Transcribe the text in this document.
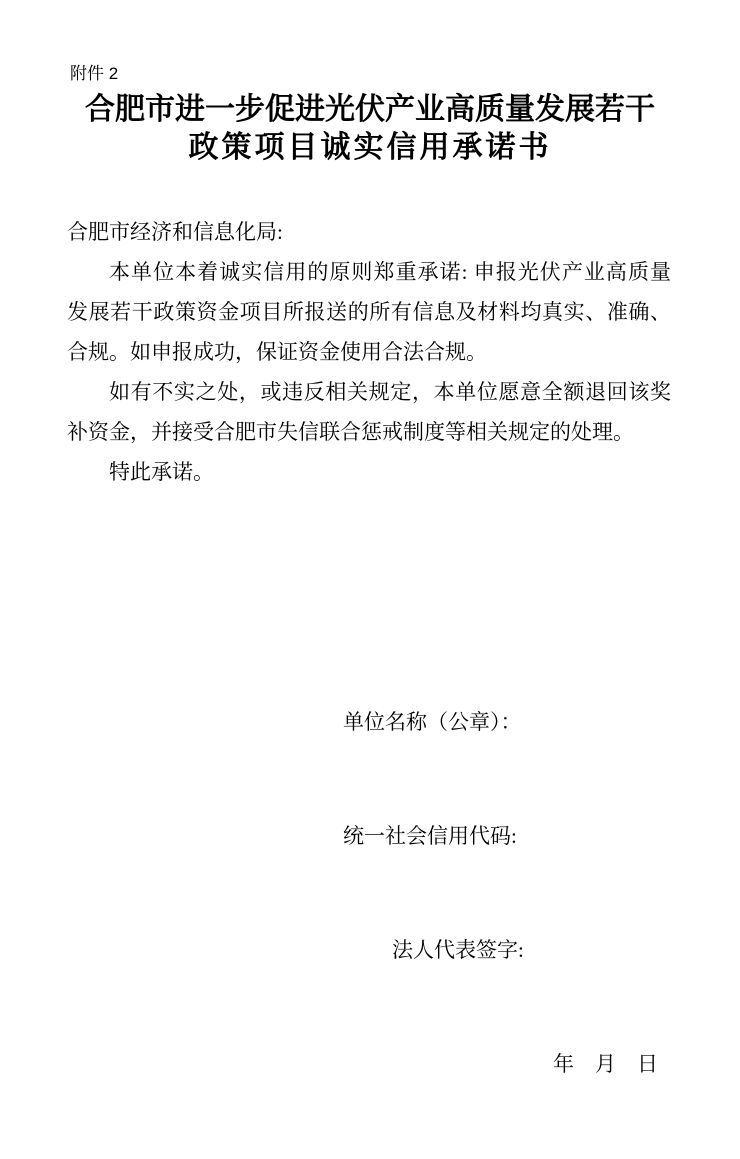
附件 2
合肥市进一步促进光伏产业高质量发展若干
政策项目诚实信用承诺书
合肥市经济和信息化局:
本单位本着诚实信用的原则郑重承诺: 申报光伏产业高质量
发展若干政策资金项目所报送的所有信息及材料均真实、准确、
合规。如申报成功，保证资金使用合法合规。
如有不实之处，或违反相关规定，本单位愿意全额退回该奖
补资金，并接受合肥市失信联合惩戒制度等相关规定的处理。
特此承诺。

单位名称（公章）：

统一社会信用代码:

法人代表签字:

年　月　日
